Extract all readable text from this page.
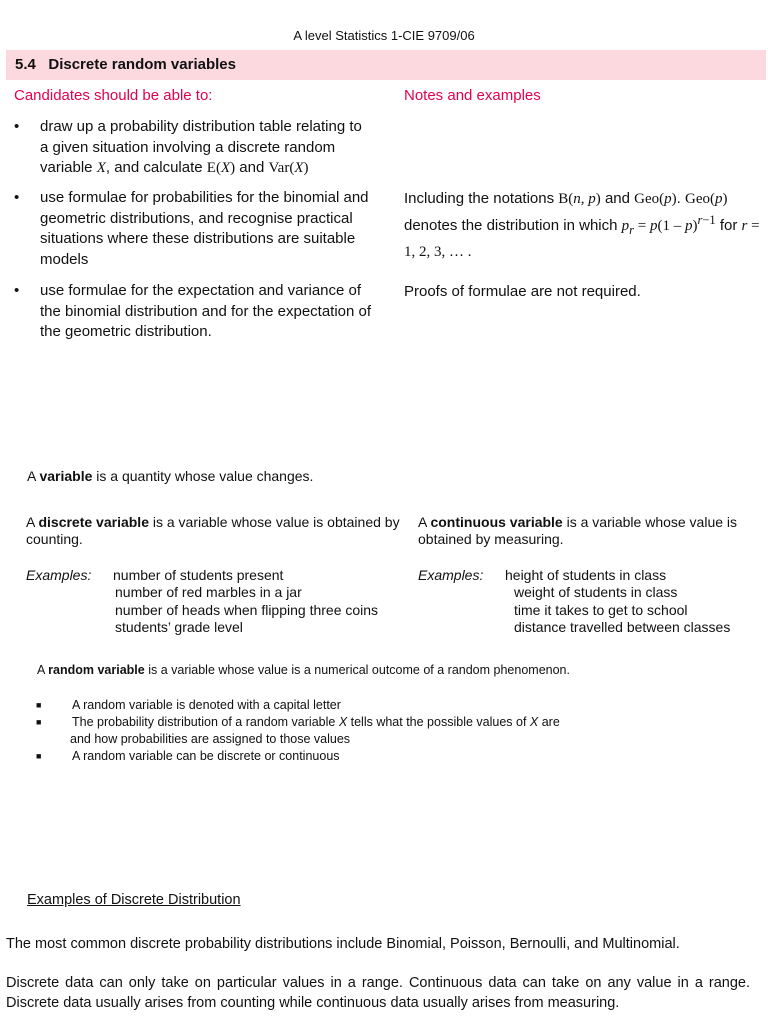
A level Statistics 1-CIE 9709/06
5.4 Discrete random variables
Candidates should be able to:	Notes and examples
• draw up a probability distribution table relating to a given situation involving a discrete random variable X, and calculate E(X) and Var(X)
• use formulae for probabilities for the binomial and geometric distributions, and recognise practical situations where these distributions are suitable models
• use formulae for the expectation and variance of the binomial distribution and for the expectation of the geometric distribution.
Including the notations B(n, p) and Geo(p). Geo(p) denotes the distribution in which $p_r = p(1 - p)^{r-1}$ for r = 1, 2, 3, … .
Proofs of formulae are not required.
A variable is a quantity whose value changes.
A discrete variable is a variable whose value is obtained by counting.
A continuous variable is a variable whose value is obtained by measuring.
Examples:	Examples:
number of students present
number of red marbles in a jar
number of heads when flipping three coins
students’ grade level
height of students in class
weight of students in class
time it takes to get to school
distance travelled between classes
A random variable is a variable whose value is a numerical outcome of a random phenomenon.
■ A random variable is denoted with a capital letter
■ The probability distribution of a random variable X tells what the possible values of X are
and how probabilities are assigned to those values
■ A random variable can be discrete or continuous
Examples of Discrete Distribution
The most common discrete probability distributions include Binomial, Poisson, Bernoulli, and Multinomial.
Discrete data can only take on particular values in a range. Continuous data can take on any value in a range.
Discrete data usually arises from counting while continuous data usually arises from measuring.
